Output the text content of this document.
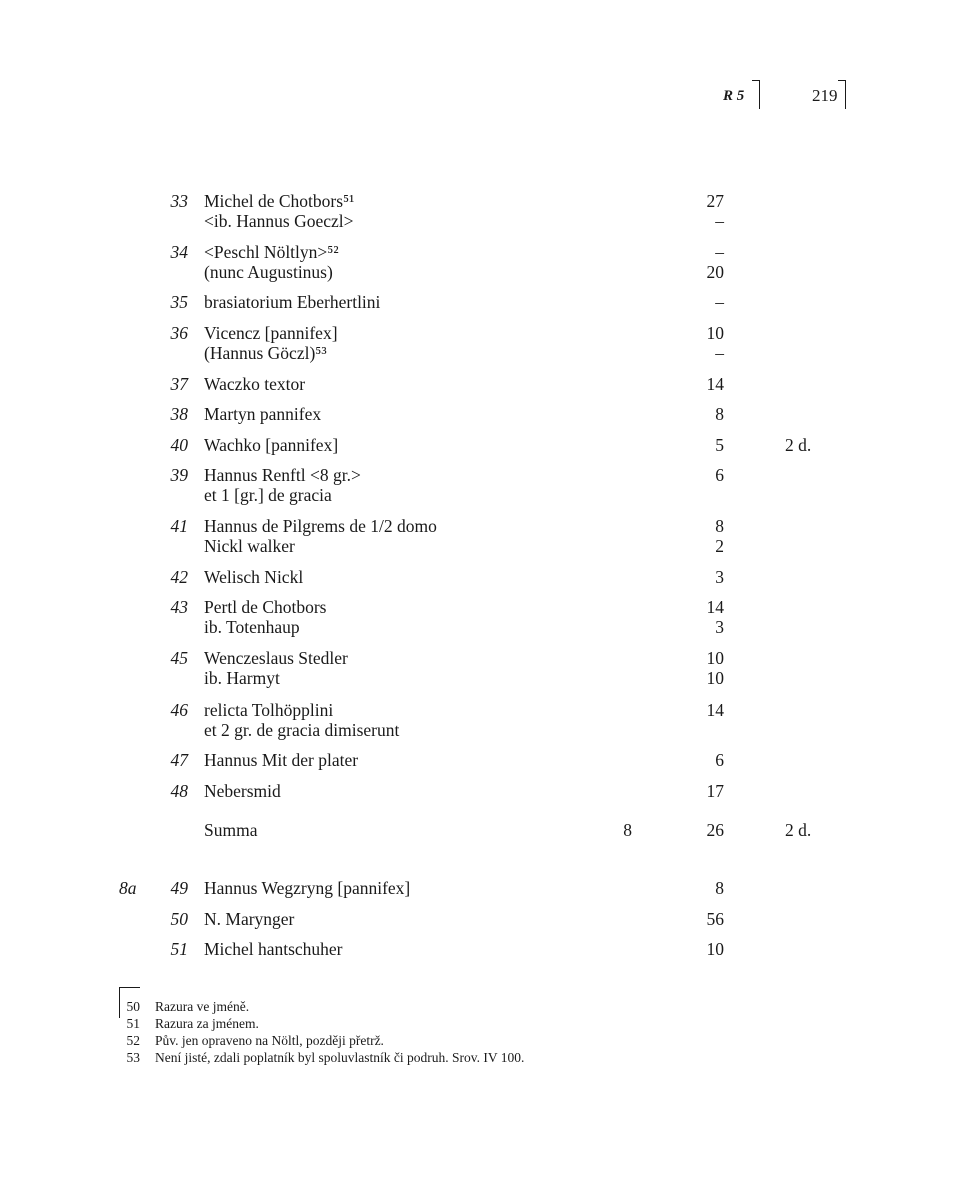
R 5	219
33 Michel de Chotbors⁵¹	27
<ib. Hannus Goeczl>	–
34 <Peschl Nöltlyn>⁵²	–
(nunc Augustinus)	20
35 brasiatorium Eberhertlini	–
36 Vicencz [pannifex]	10
(Hannus Göczl)⁵³	–
37 Waczko textor	14
38 Martyn pannifex	8
40 Wachko [pannifex]	5	2 d.
39 Hannus Renftl <8 gr.>	6
et 1 [gr.] de gracia
41 Hannus de Pilgrems de 1/2 domo	8
Nickl walker	2
42 Welisch Nickl	3
43 Pertl de Chotbors	14
ib. Totenhaup	3
45 Wenczeslaus Stedler	10
ib. Harmyt	10
46 relicta Tolhöpplini	14
et 2 gr. de gracia dimiserunt
47 Hannus Mit der plater	6
48 Nebersmid	17
Summa	8	26	2 d.
8a	49 Hannus Wegzryng [pannifex]	8
50 N. Marynger	56
51 Michel hantschuher	10
50 Razura ve jméně.
51 Razura za jménem.
52 Pův. jen opraveno na Nöltl, později přetrž.
53 Není jisté, zdali poplatník byl spoluvlastník či podruh. Srov. IV 100.
